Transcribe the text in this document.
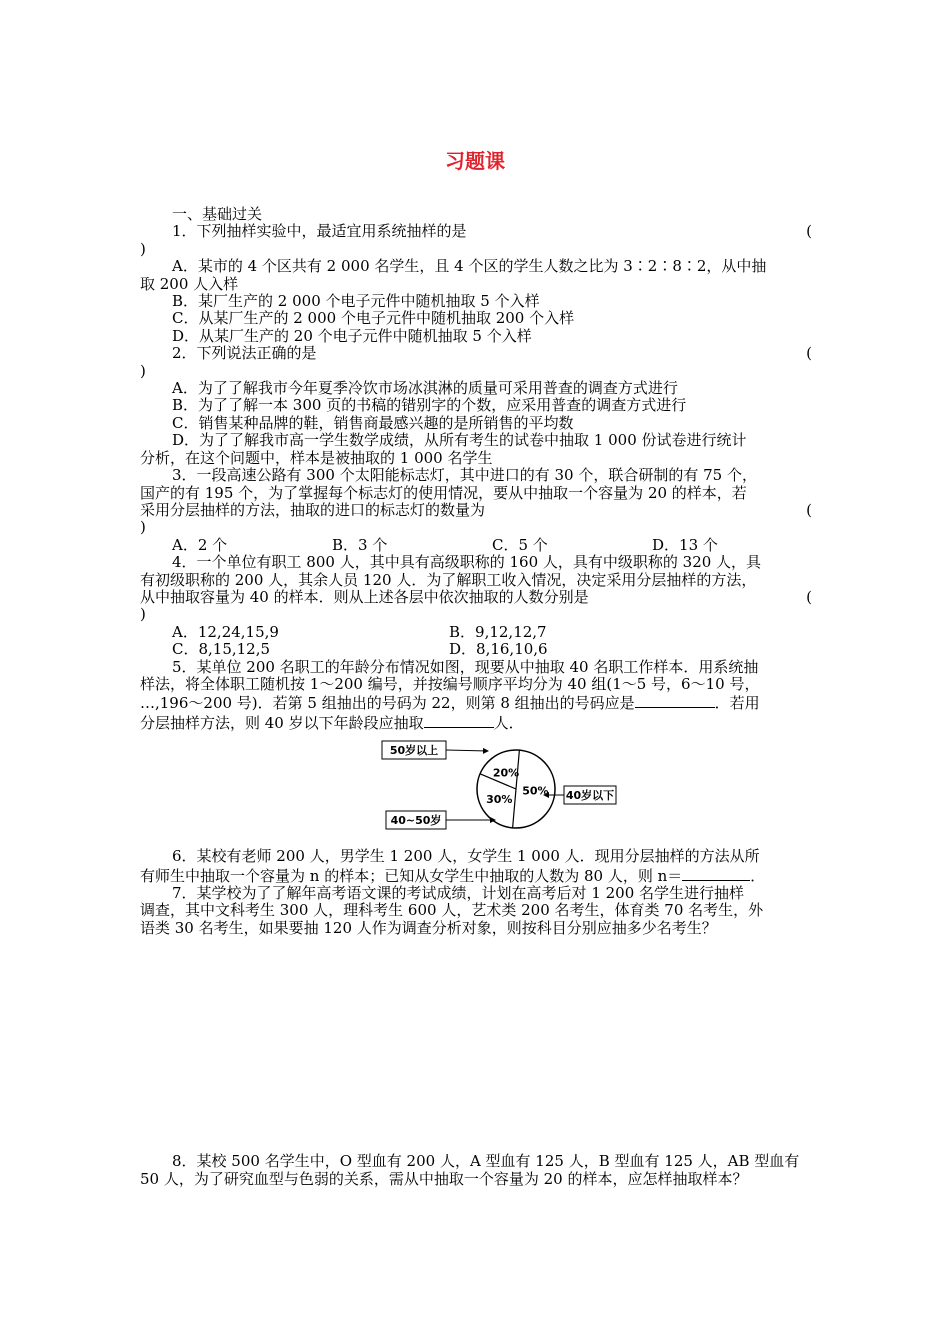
习题课
一、基础过关
1．下列抽样实验中，最适宜用系统抽样的是	(
)
A．某市的 4 个区共有 2 000 名学生，且 4 个区的学生人数之比为 3∶2∶8∶2，从中抽
取 200 人入样
B．某厂生产的 2 000 个电子元件中随机抽取 5 个入样
C．从某厂生产的 2 000 个电子元件中随机抽取 200 个入样
D．从某厂生产的 20 个电子元件中随机抽取 5 个入样
2．下列说法正确的是	(
)
A．为了了解我市今年夏季冷饮市场冰淇淋的质量可采用普查的调查方式进行
B．为了了解一本 300 页的书稿的错别字的个数，应采用普查的调查方式进行
C．销售某种品牌的鞋，销售商最感兴趣的是所销售的平均数
D．为了了解我市高一学生数学成绩，从所有考生的试卷中抽取 1 000 份试卷进行统计
分析，在这个问题中，样本是被抽取的 1 000 名学生
3．一段高速公路有 300 个太阳能标志灯，其中进口的有 30 个，联合研制的有 75 个，
国产的有 195 个，为了掌握每个标志灯的使用情况，要从中抽取一个容量为 20 的样本，若
采用分层抽样的方法，抽取的进口的标志灯的数量为	(
)
A．2 个	B．3 个	C．5 个	D．13 个
4．一个单位有职工 800 人，其中具有高级职称的 160 人，具有中级职称的 320 人，具
有初级职称的 200 人，其余人员 120 人．为了解职工收入情况，决定采用分层抽样的方法，
从中抽取容量为 40 的样本．则从上述各层中依次抽取的人数分别是	(
)
A．12,24,15,9	B．9,12,12,7
C．8,15,12,5	D．8,16,10,6
5．某单位 200 名职工的年龄分布情况如图，现要从中抽取 40 名职工作样本．用系统抽
样法，将全体职工随机按 1～200 编号，并按编号顺序平均分为 40 组(1～5 号，6～10 号，
…,196～200 号)．若第 5 组抽出的号码为 22，则第 8 组抽出的号码应是	．若用
分层抽样方法，则 40 岁以下年龄段应抽取	人．
50%
30%
20%
50岁以上
40~50岁
40岁以下
6．某校有老师 200 人，男学生 1 200 人，女学生 1 000 人．现用分层抽样的方法从所
有师生中抽取一个容量为 n 的样本；已知从女学生中抽取的人数为 80 人，则 n＝	．
7．某学校为了了解年高考语文课的考试成绩，计划在高考后对 1 200 名学生进行抽样
调查，其中文科考生 300 人，理科考生 600 人，艺术类 200 名考生，体育类 70 名考生，外
语类 30 名考生，如果要抽 120 人作为调查分析对象，则按科目分别应抽多少名考生？
8．某校 500 名学生中，O 型血有 200 人，A 型血有 125 人，B 型血有 125 人，AB 型血有
50 人，为了研究血型与色弱的关系，需从中抽取一个容量为 20 的样本，应怎样抽取样本？
